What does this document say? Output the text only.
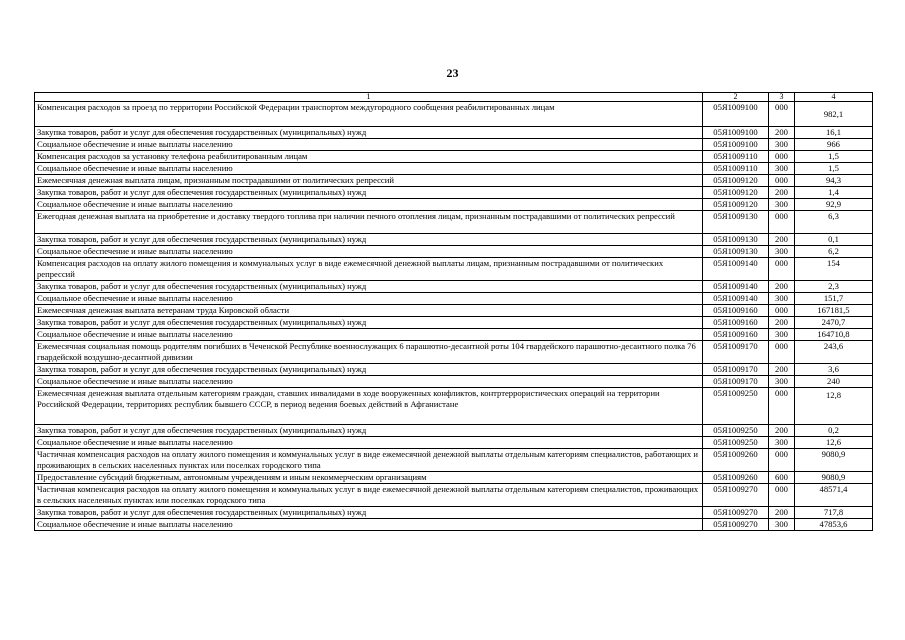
23
1	2	3	4
Компенсация расходов за проезд по территории Российской Федерации транспортом междугородного сообщения реабилитированных лицам	05Я1009100	000	982,1
Закупка товаров, работ и услуг для обеспечения государственных (муниципальных) нужд	05Я1009100	200	16,1
Социальное обеспечение и иные выплаты населению	05Я1009100	300	966
Компенсация расходов за установку телефона реабилитированным лицам	05Я1009110	000	1,5
Социальное обеспечение и иные выплаты населению	05Я1009110	300	1,5
Ежемесячная денежная выплата лицам, признанным пострадавшими от политических репрессий	05Я1009120	000	94,3
Закупка товаров, работ и услуг для обеспечения государственных (муниципальных) нужд	05Я1009120	200	1,4
Социальное обеспечение и иные выплаты населению	05Я1009120	300	92,9
Ежегодная денежная выплата на приобретение и доставку твердого топлива при наличии печного отопления лицам, признанным пострадавшими от политических репрессий	05Я1009130	000	6,3
Закупка товаров, работ и услуг для обеспечения государственных (муниципальных) нужд	05Я1009130	200	0,1
Социальное обеспечение и иные выплаты населению	05Я1009130	300	6,2
Компенсация расходов на оплату жилого помещения и коммунальных услуг в виде ежемесячной денежной выплаты лицам, признанным пострадавшими от политических репрессий	05Я1009140	000	154
Закупка товаров, работ и услуг для обеспечения государственных (муниципальных) нужд	05Я1009140	200	2,3
Социальное обеспечение и иные выплаты населению	05Я1009140	300	151,7
Ежемесячная денежная выплата ветеранам труда Кировской области	05Я1009160	000	167181,5
Закупка товаров, работ и услуг для обеспечения государственных (муниципальных) нужд	05Я1009160	200	2470,7
Социальное обеспечение и иные выплаты населению	05Я1009160	300	164710,8
Ежемесячная социальная помощь родителям погибших в Чеченской Республике военнослужащих 6 парашютно-десантной роты 104 гвардейского парашютно-десантного полка 76 гвардейской воздушно-десантной дивизии	05Я1009170	000	243,6
Закупка товаров, работ и услуг для обеспечения государственных (муниципальных) нужд	05Я1009170	200	3,6
Социальное обеспечение и иные выплаты населению	05Я1009170	300	240
Ежемесячная денежная выплата отдельным категориям граждан, ставших инвалидами в ходе вооруженных конфликтов, контртеррористических операций на территории Российской Федерации, территориях республик бывшего СССР, в период ведения боевых действий в Афганистане	05Я1009250	000	12,8
Закупка товаров, работ и услуг для обеспечения государственных (муниципальных) нужд	05Я1009250	200	0,2
Социальное обеспечение и иные выплаты населению	05Я1009250	300	12,6
Частичная компенсация расходов на оплату жилого помещения и коммунальных услуг в виде ежемесячной денежной выплаты отдельным категориям специалистов, работающих и проживающих в сельских населенных пунктах или поселках городского типа	05Я1009260	000	9080,9
Предоставление субсидий бюджетным, автономным учреждениям и иным некоммерческим организациям	05Я1009260	600	9080,9
Частичная компенсация расходов на оплату жилого помещения и коммунальных услуг в виде ежемесячной денежной выплаты отдельным категориям специалистов, проживающих в сельских населенных пунктах или поселках городского типа	05Я1009270	000	48571,4
Закупка товаров, работ и услуг для обеспечения государственных (муниципальных) нужд	05Я1009270	200	717,8
Социальное обеспечение и иные выплаты населению	05Я1009270	300	47853,6
